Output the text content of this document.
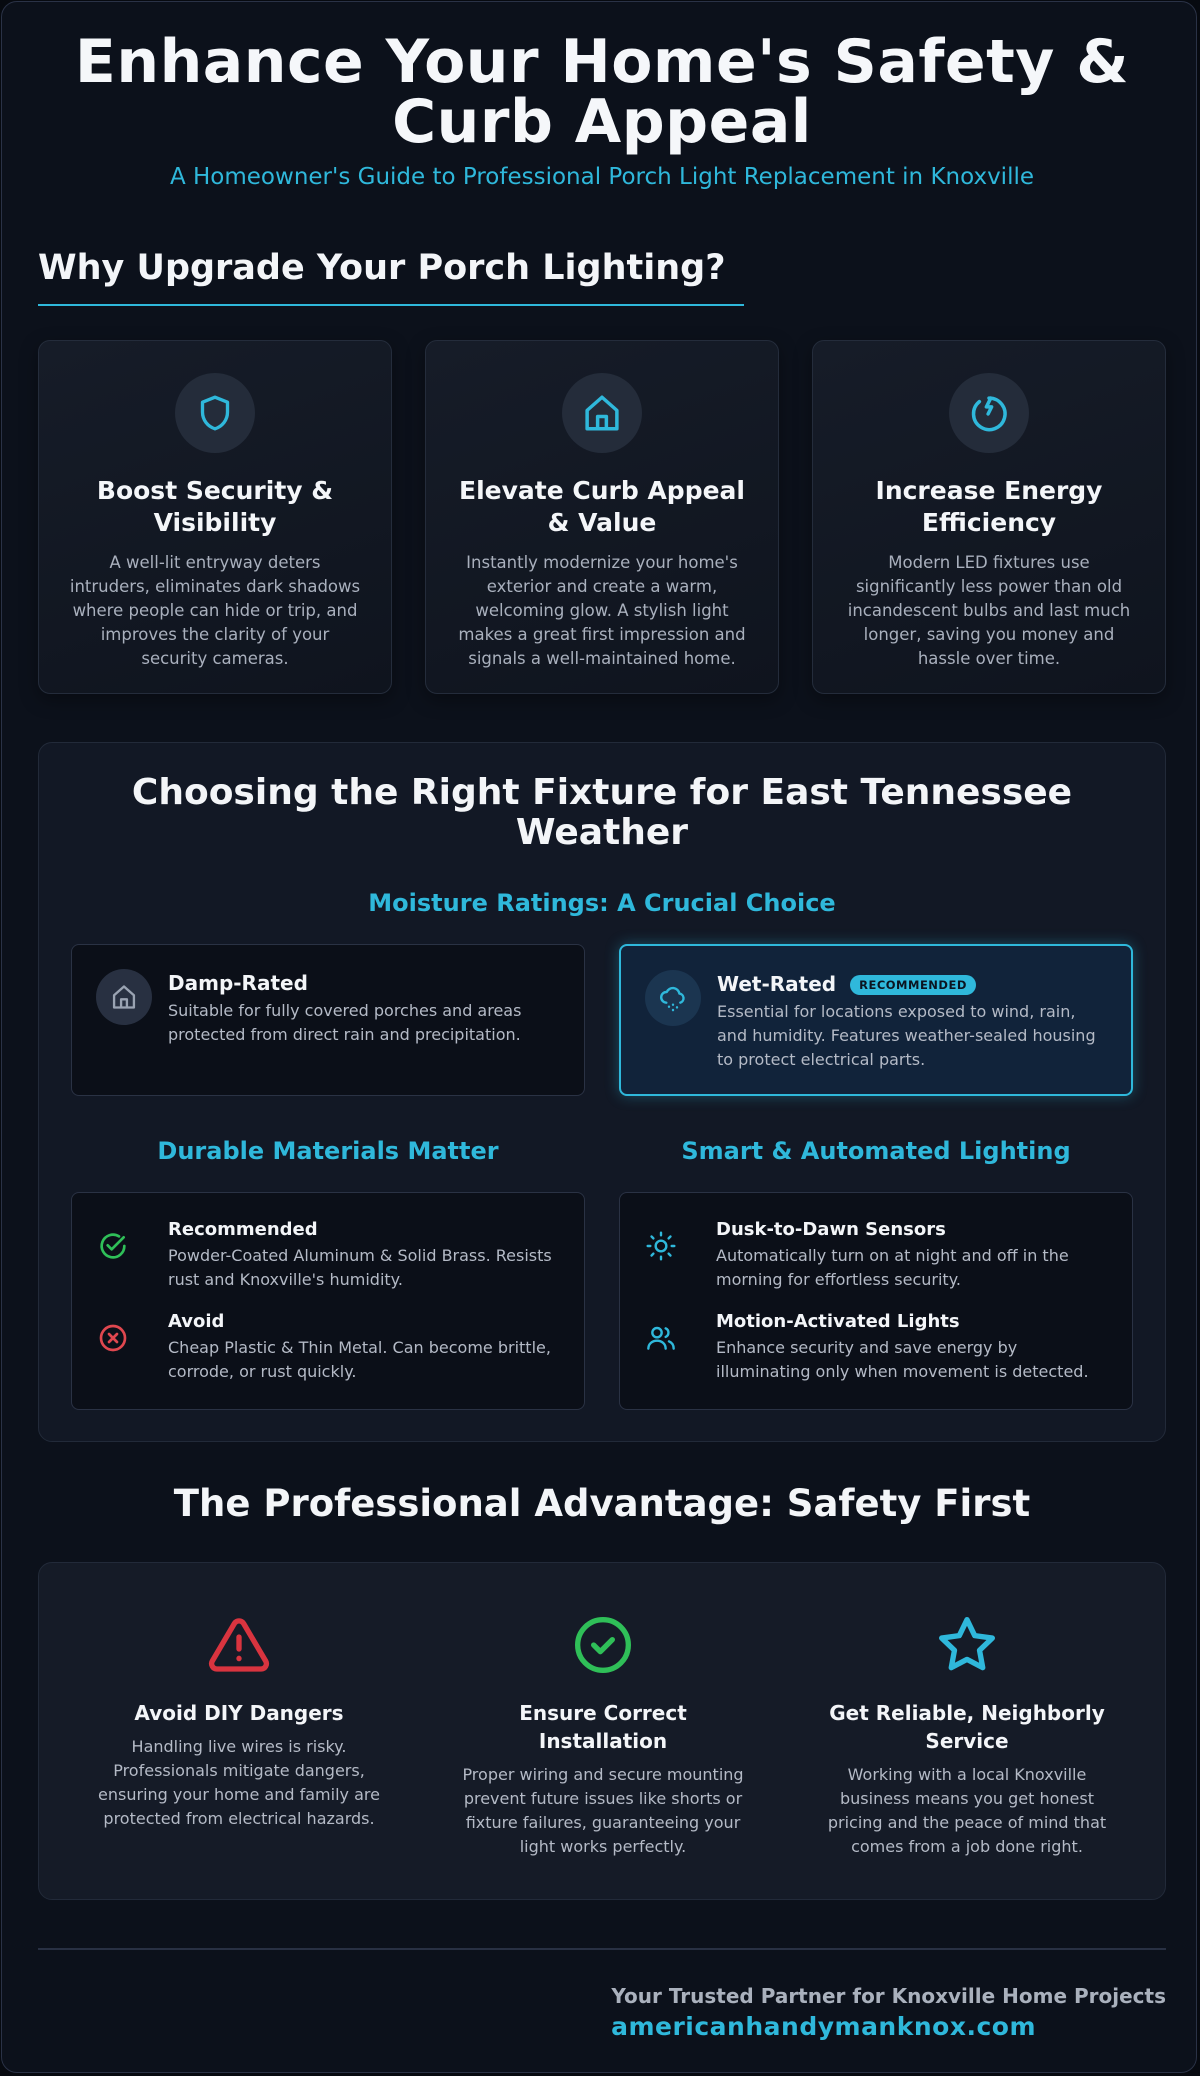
Enhance Your Home's Safety & Curb Appeal
A Homeowner's Guide to Professional Porch Light Replacement in Knoxville
Why Upgrade Your Porch Lighting?
Boost Security & Visibility

A well-lit entryway deters intruders, eliminates dark shadows where people can hide or trip, and improves the clarity of your security cameras.

Elevate Curb Appeal & Value

Instantly modernize your home's exterior and create a warm, welcoming glow. A stylish light makes a great first impression and signals a well-maintained home.

Increase Energy Efficiency

Modern LED fixtures use significantly less power than old incandescent bulbs and last much longer, saving you money and hassle over time.

Choosing the Right Fixture for East Tennessee Weather
Moisture Ratings: A Crucial Choice
Damp-Rated
Suitable for fully covered porches and areas protected from direct rain and precipitation.
Wet-Rated RECOMMENDED
Essential for locations exposed to wind, rain, and humidity. Features weather-sealed housing to protect electrical parts.
Durable Materials Matter	Smart & Automated Lighting
Recommended
Powder-Coated Aluminum & Solid Brass. Resists rust and Knoxville's humidity.
Avoid
Cheap Plastic & Thin Metal. Can become brittle, corrode, or rust quickly.
Dusk-to-Dawn Sensors
Automatically turn on at night and off in the morning for effortless security.
Motion-Activated Lights
Enhance security and save energy by illuminating only when movement is detected.
The Professional Advantage: Safety First
Avoid DIY Dangers

Handling live wires is risky. Professionals mitigate dangers, ensuring your home and family are protected from electrical hazards.

Ensure Correct Installation

Proper wiring and secure mounting prevent future issues like shorts or fixture failures, guaranteeing your light works perfectly.

Get Reliable, Neighborly Service

Working with a local Knoxville business means you get honest pricing and the peace of mind that comes from a job done right.

Your Trusted Partner for Knoxville Home Projects
americanhandymanknox.com
